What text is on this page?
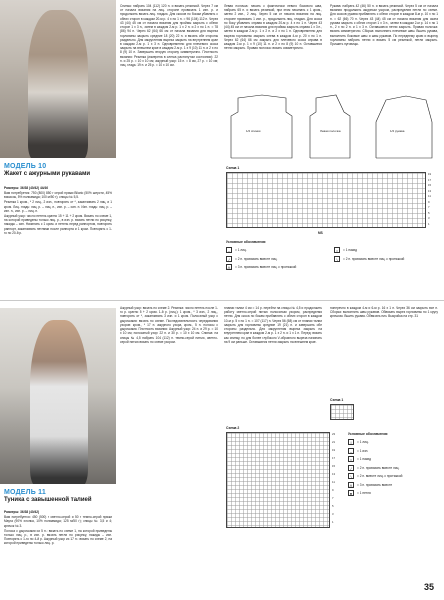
МОДЕЛЬ 10
Жакет с ажурными рукавами

Размеры: 36/38 (40/42) 44/46

Вам потребуется: 750 (800) 850 г серой пряжи Bilario (50% шерсти, 45% вискозы, 5% полиамида; 100 м/50 г); спицы № 5,5.

Резинка 1 кром., * 2 лиц., 2 изн., повторять от *, заканчивать 2 лиц. и 1 кром. Лиц. гладь: лиц. р. – лиц. п., изн. р. – изн. п. Изн. гладь: лиц. р. – изн. п., изн. р. – лиц. п.

Ажурный узор: число петель кратно 15 + 11 + 2 кром. Вязать по схеме 1, на которой приведены только лиц. р., в изн. р. вязать петли по рисунку, накиды – изн. Начинать с 1 кром. и петель перед раппортом, повторять раппорт, заканчивать петлями после раппорта и 1 кром. Повторять с 1-го по 20-й р.

Спинка: набрать 104 (112) 120 п. и вязать резинкой. Через 7 см от начала вязания на лиц. стороне провязать 1 изн. р. и продолжить вязать лиц. гладью. Для скосов по бокам убавлять с обеих сторон в каждом 20-м р. 4 x по 1 п. = 96 (104) 112 п. Через 43 (44) 45 см от начала вязания для проймы закрыть с обеих сторон 1 x 3 п., затем в каждом 2-м р. 1 x 2 п. и 2 x по 1 п. = 78 (86) 94 п. Через 62 (64) 66 см от начала вязания для выреза горловины закрыть средние 18 (20) 22 п. и вязать обе стороны раздельно. Для закругления выреза закрыть на внутреннем крае в каждом 2-м р. 1 x 3 п. Одновременно для плечевого скоса закрыть на внешнем крае в каждом 2-м р. 1 x 9 (10) 11 п. и 2 x по 8 (9) 10 п. Завершить вторую сторону симметрично. Плотность вязания: Резинка (измерена в слегка растянутом состоянии): 22 п. и 25 р. = 10 x 10 см; ажурный узор: 15 п. = 8 см, 27 р. = 10 см; лиц. гладь: 19 п. и 25 р. = 10 x 10 см.

Левая полочка: начать с фактически левого бокового шва, набрать 65 п. и вязать резинкой, при этом начинать с 1 кром., затем 2 изн., 2 лиц. Через 5 см от начала вязания на лиц. стороне провязать 1 изн. р., продолжить лиц. гладью. Для скоса по боку убавлять справа в каждом 20-м р. 4 x по 1 п. Через 43 (44) 45 см от начала вязания для проймы закрыть справа 1 x 3 п., затем в каждом 2-м р. 1 x 2 п. и 2 x по 1 п. Одновременно для выреза горловины закрыть слева в каждом 4-м р. 20 x по 1 п. Через 62 (64) 66 см закрыть для плечевого скоса справа в каждом 2-м р. 1 x 9 (10) 11 п. и 2 x по 8 (9) 10 п. Оставшиеся петли закрыть. Правая полочка: вязать симметрично.

Рукава: набрать 42 (46) 50 п. и вязать резинкой. Через 5 см от начала вязания продолжить ажурным узором, распределив петли по схеме. Для скосов рукава прибавлять с обеих сторон в каждом 8-м р. 10 x по 1 п. = 62 (66) 70 п. Через 43 (44) 45 см от начала вязания для оката рукава закрыть с обеих сторон 1 x 3 п., затем в каждом 2-м р. 14 x по 1 п., 2 x по 2 п. и 1 x 3 п. Оставшиеся петли закрыть. Правая полочка: вязать симметрично. Сборка: выполнить плечевые швы. Вшить рукава, выполнить боковые швы и швы рукавов. По переднему краю и вырезу горловины набрать петли и вязать 5 см резинкой, петли закрыть. Пришить пуговицы.

1/2 спинки	Левая полочка	1/2 рукава
Схема 1
19
17
15
13
11
9
7
5
3
1
MS
Условные обозначения
–	= 1 лиц.	○	= 1 накид
/	= 2 п. провязать вместе лиц.	\	= 2 п. провязать вместе лиц. с протяжкой
Λ	= 3 п. провязать вместе лиц. с протяжкой
МОДЕЛЬ 11
Туника с завышенной талией

Размеры: 36/38 (40/42)

Вам потребуется: 450 (500) г светло-серой и 50 г темно-серой пряжи Mayra (90% хлопка, 10% полиамида; 125 м/50 г); спицы № 3,5 и 4; крючок № 3.

Полоса с дырочками из 5 п.: вязать по схеме 1, на которой приведены только лиц. р., в изн. р. вязать петли по рисунку, накиды – изн. Повторять с 1-го по 4-й р. Ажурный узор из 17 п.: вязать по схеме 2, на которой приведены только лиц. р.

Ажурный узор: вязать по схеме 2. Резинка: число петель после 1-го р. кратно 5 + 2 кром. 1-й р. (лиц.): 1 кром., * 3 изн., 2 лиц., повторять от *, заканчивать 3 изн. и 1 кром. Полосатый узор с дырочками: вязать по схеме. Последовательность чередования узоров: кром., * 17 п. ажурного узора, кром., 5 п. полосы с дырочками. Плотность вязания: Ажурный узор: 24 п. и 29 р. = 10 x 10 см; полосатый узор: 22 п. и 30 р. = 10 x 10 см. Спинка: на спицы № 4,5 набрать 104 (112) п. темно-серой нитью, светло-серой нитью вязать по схеме узором.

планки талии 4 см = 14 р. перейти на спицы № 4,5 и продолжить работу светло-серой нитью полосатым узором, распределяя петли. Для скоса по бокам прибавлять с обеих сторон в каждом 10-м р. 5 x по 1 п. = 107 (117) п. Через 56 (58) см от планки талии закрыть для горловины средние 19 (21) п. и завершить обе стороны раздельно. Для закругления выреза закрыть на внутреннем крае в каждом 2-м р. 1 x 2 п. и 1 x 1 п. Перед: вязать как спинку, но для более глубокого V-образного выреза начинать на 9 см раньше. Оставшиеся петли закрыть на внешнем крае.

поперечно в каждом 4-м и 6-м р. 16 x 1 п. Через 36 см закрыть все п. Сборка: выполнить швы рукавов. Обвязать вырез горловины по 1 кругу крючком. Вшить рукава. Обвязать низ. Выкройка на стр. 31

Схема 1
Схема 2
23
21
19
17
15
13
11
9
7
5
3
1
Условные обозначения
|	= 1 лиц.
–	= 1 изн.
○	= 1 накид
/	= 2 п. провязать вместе лиц.
\	= 2 п. вместе лиц. с протяжкой
Λ	= 3 п. провязать вместе
●	= 1 петля
35
